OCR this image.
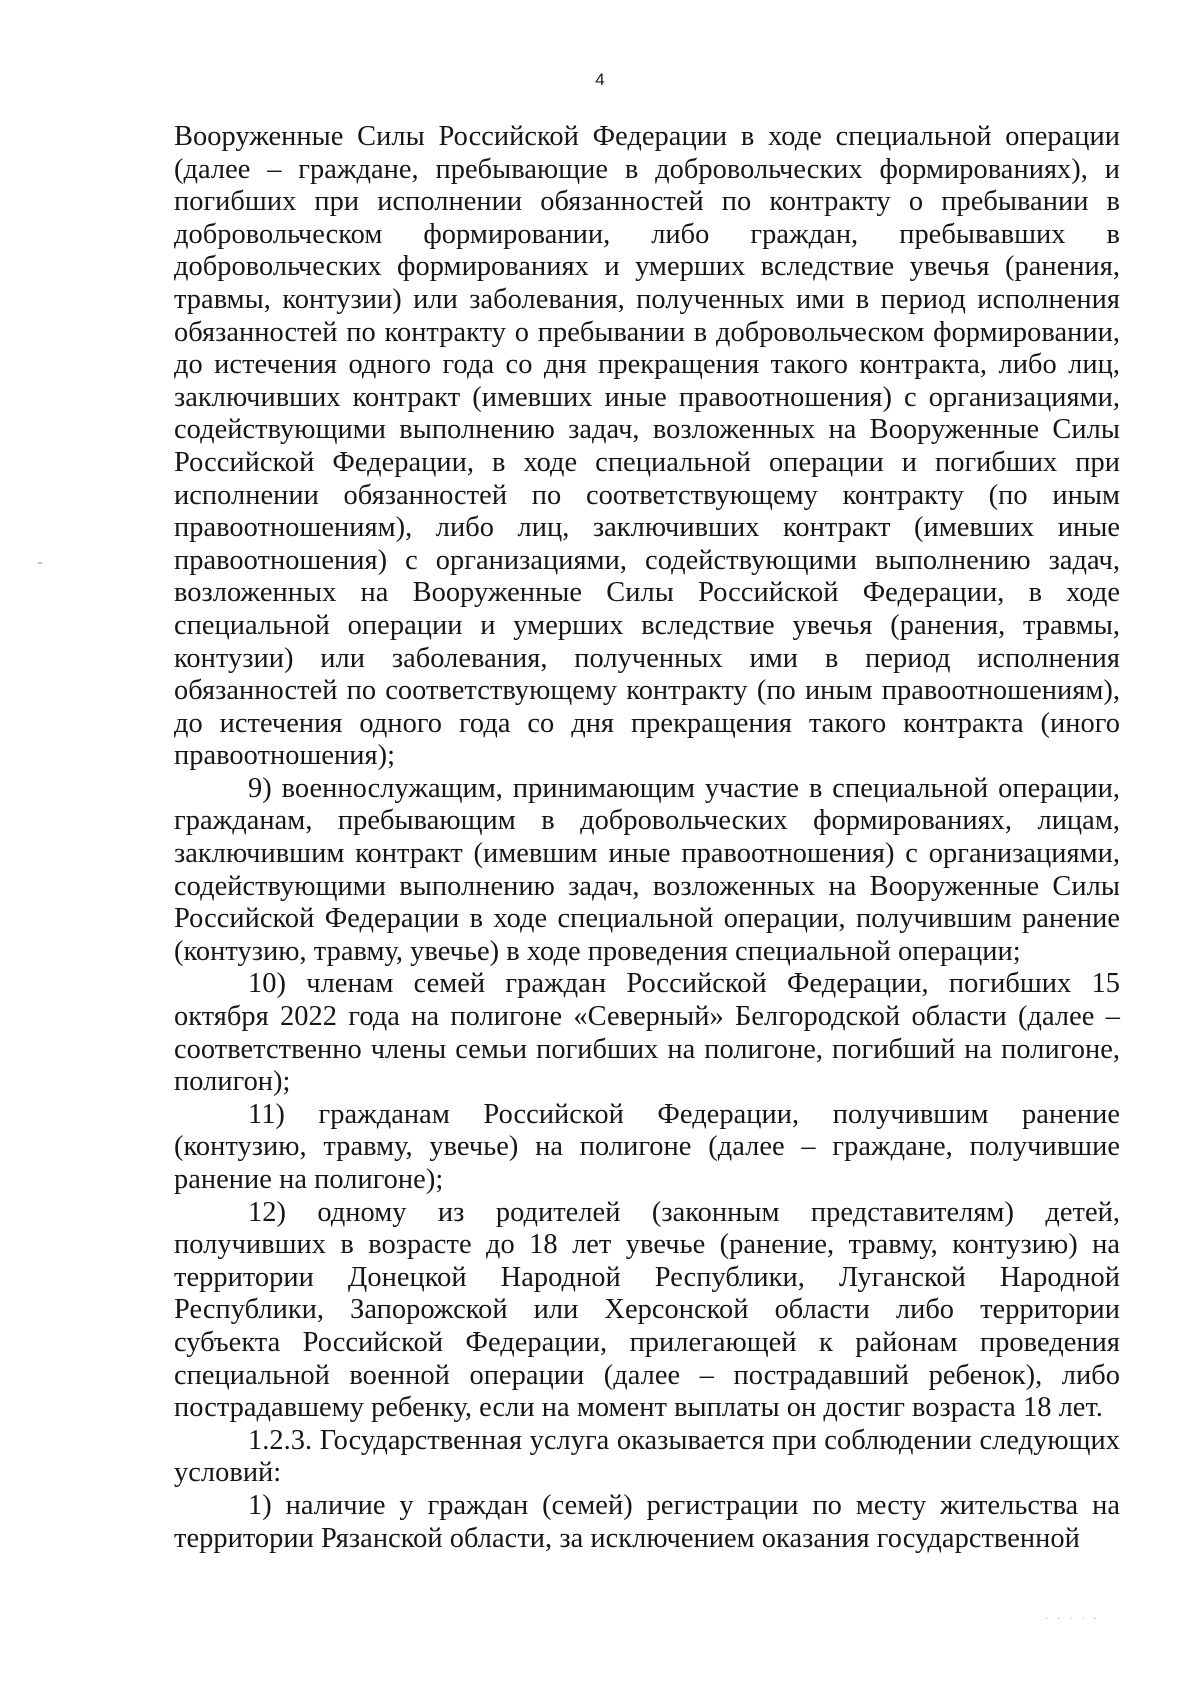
4

Вооруженные Силы Российской Федерации в ходе специальной операции (далее – граждане, пребывающие в добровольческих формированиях), и погибших при исполнении обязанностей по контракту о пребывании в добровольческом формировании, либо граждан, пребывавших в добровольческих формированиях и умерших вследствие увечья (ранения, травмы, контузии) или заболевания, полученных ими в период исполнения обязанностей по контракту о пребывании в добровольческом формировании, до истечения одного года со дня прекращения такого контракта, либо лиц, заключивших контракт (имевших иные правоотношения) с организациями, содействующими выполнению задач, возложенных на Вооруженные Силы Российской Федерации, в ходе специальной операции и погибших при исполнении обязанностей по соответствующему контракту (по иным правоотношениям), либо лиц, заключивших контракт (имевших иные правоотношения) с организациями, содействующими выполнению задач, возложенных на Вооруженные Силы Российской Федерации, в ходе специальной операции и умерших вследствие увечья (ранения, травмы, контузии) или заболевания, полученных ими в период исполнения обязанностей по соответствующему контракту (по иным правоотношениям), до истечения одного года со дня прекращения такого контракта (иного правоотношения);

9) военнослужащим, принимающим участие в специальной операции, гражданам, пребывающим в добровольческих формированиях, лицам, заключившим контракт (имевшим иные правоотношения) с организациями, содействующими выполнению задач, возложенных на Вооруженные Силы Российской Федерации в ходе специальной операции, получившим ранение (контузию, травму, увечье) в ходе проведения специальной операции;

10) членам семей граждан Российской Федерации, погибших 15 октября 2022 года на полигоне «Северный» Белгородской области (далее – соответственно члены семьи погибших на полигоне, погибший на полигоне, полигон);

11) гражданам Российской Федерации, получившим ранение (контузию, травму, увечье) на полигоне (далее – граждане, получившие ранение на полигоне);

12) одному из родителей (законным представителям) детей, получивших в возрасте до 18 лет увечье (ранение, травму, контузию) на территории Донецкой Народной Республики, Луганской Народной Республики, Запорожской или Херсонской области либо территории субъекта Российской Федерации, прилегающей к районам проведения специальной военной операции (далее – пострадавший ребенок), либо пострадавшему ребенку, если на момент выплаты он достиг возраста 18 лет.

1.2.3. Государственная услуга оказывается при соблюдении следующих условий:

1) наличие у граждан (семей) регистрации по месту жительства на территории Рязанской области, за исключением оказания государственной

·····
